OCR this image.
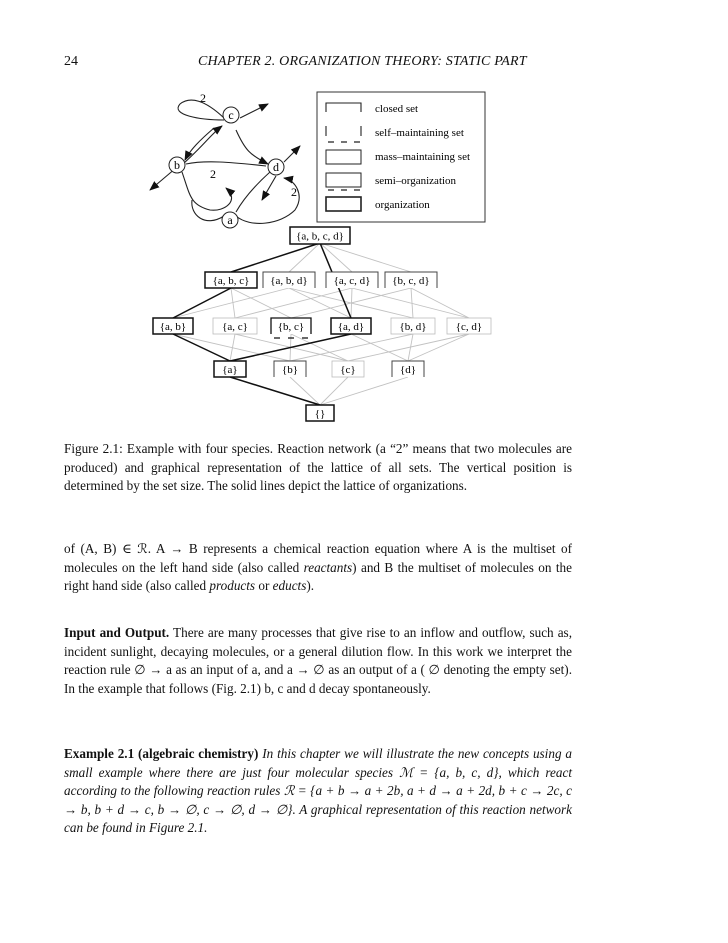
24	CHAPTER 2. ORGANIZATION THEORY: STATIC PART
c
b	d
a
2
2
2
closed set
self–maintaining set
mass–maintaining set
semi–organization
organization
{a, b, c, d}
{a, b, c} {a, b, d} {a, c, d} {b, c, d}
{a, b}	{a, c}	{b, c}	{a, d}	{b, d}	{c, d}
{a}	{b}	{c}	{d}
{}

Figure 2.1: Example with four species. Reaction network (a “2” means that two molecules are produced) and graphical representation of the lattice of all sets. The vertical position is determined by the set size. The solid lines depict the lattice of organizations.

of (A, B) ∈ ℛ. A → B represents a chemical reaction equation where A is the multiset of molecules on the left hand side (also called reactants) and B the multiset of molecules on the right hand side (also called products or educts).

Input and Output. There are many processes that give rise to an inflow and outflow, such as, incident sunlight, decaying molecules, or a general dilution flow. In this work we interpret the reaction rule ∅ → a as an input of a, and a → ∅ as an output of a ( ∅ denoting the empty set). In the example that follows (Fig. 2.1) b, c and d decay spontaneously.

Example 2.1 (algebraic chemistry) In this chapter we will illustrate the new concepts using a small example where there are just four molecular species ℳ = {a, b, c, d}, which react according to the following reaction rules ℛ = {a + b → a + 2b, a + d → a + 2d, b + c → 2c, c → b, b + d → c, b → ∅, c → ∅, d → ∅}. A graphical representation of this reaction network can be found in Figure 2.1.
